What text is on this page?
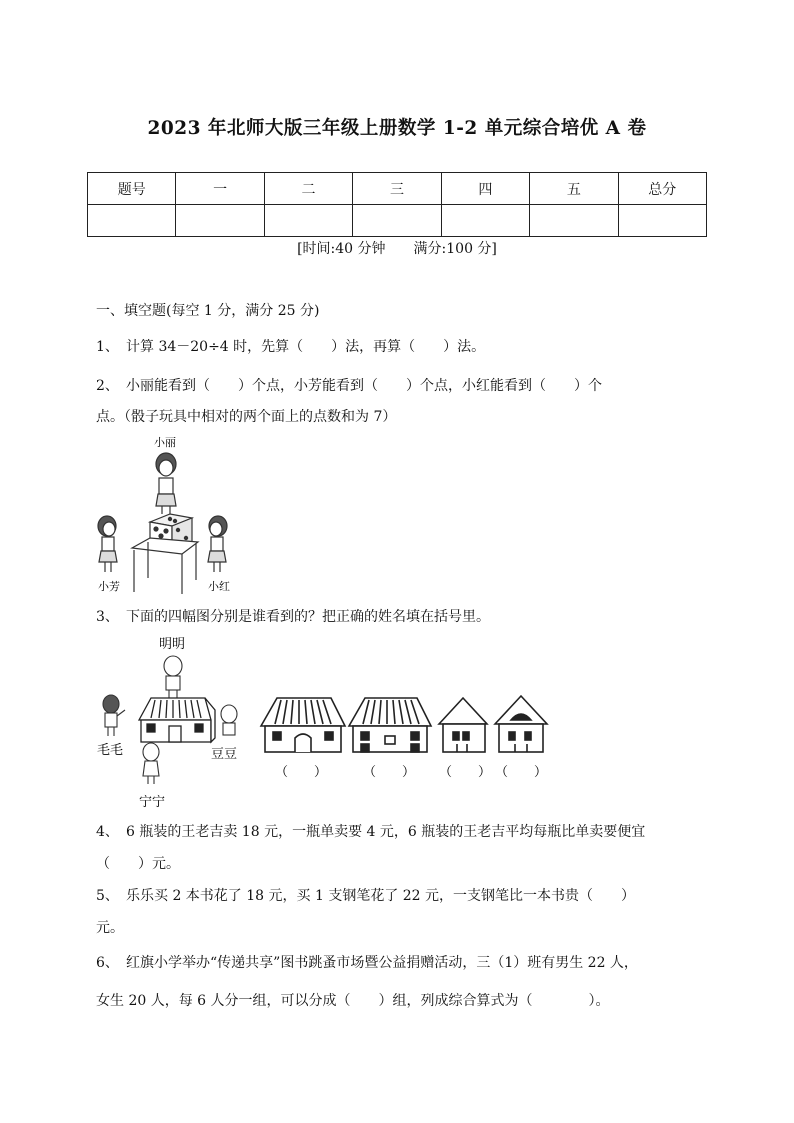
2023 年北师大版三年级上册数学 1-2 单元综合培优 A 卷
题号	一	二	三	四	五	总分

[时间:40 分钟　　满分:100 分]
一、填空题(每空 1 分，满分 25 分)
1、 计算 34－20÷4 时，先算（　　）法，再算（　　）法。
2、 小丽能看到（　　）个点，小芳能看到（　　）个点，小红能看到（　　）个
点。（骰子玩具中相对的两个面上的点数和为 7）
小丽
小芳	小红
3、 下面的四幅图分别是谁看到的？把正确的姓名填在括号里。
明明
毛毛	豆豆
宁宁
（　　）	（　　） （　　） （　　）
4、 6 瓶装的王老吉卖 18 元，一瓶单卖要 4 元，6 瓶装的王老吉平均每瓶比单卖要便宜
（　　）元。
5、 乐乐买 2 本书花了 18 元，买 1 支钢笔花了 22 元，一支钢笔比一本书贵（　　）
元。
6、 红旗小学举办“传递共享”图书跳蚤市场暨公益捐赠活动，三（1）班有男生 22 人，
女生 20 人，每 6 人分一组，可以分成（　　）组，列成综合算式为（　　　　）。
